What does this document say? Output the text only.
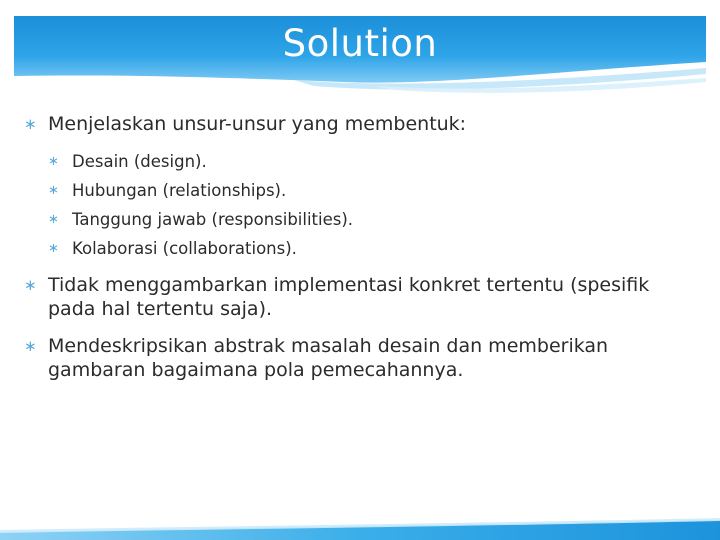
Solution
∗ Menjelaskan unsur-unsur yang membentuk:
∗ Desain (design).
∗ Hubungan (relationships).
∗ Tanggung jawab (responsibilities).
∗ Kolaborasi (collaborations).
∗ Tidak menggambarkan implementasi konkret tertentu (spesifik pada hal tertentu saja).
∗ Mendeskripsikan abstrak masalah desain dan memberikan gambaran bagaimana pola pemecahannya.
